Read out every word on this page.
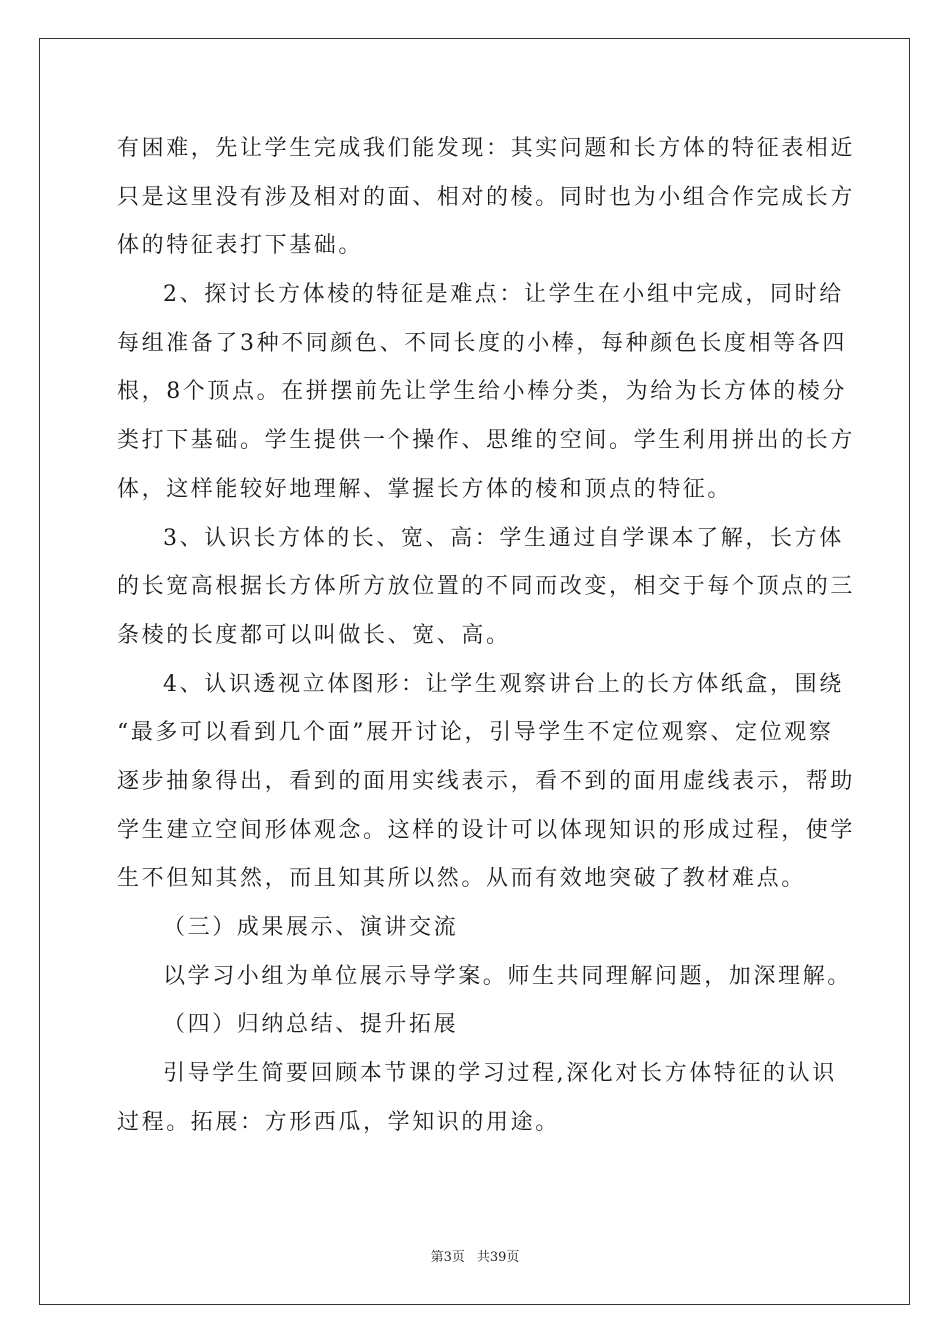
有困难，先让学生完成我们能发现：其实问题和长方体的特征表相近
只是这里没有涉及相对的面、相对的棱。同时也为小组合作完成长方
体的特征表打下基础。
2、探讨长方体棱的特征是难点：让学生在小组中完成，同时给
每组准备了3种不同颜色、不同长度的小棒，每种颜色长度相等各四
根，8个顶点。在拼摆前先让学生给小棒分类，为给为长方体的棱分
类打下基础。学生提供一个操作、思维的空间。学生利用拼出的长方
体，这样能较好地理解、掌握长方体的棱和顶点的特征。
3、认识长方体的长、宽、高：学生通过自学课本了解，长方体
的长宽高根据长方体所方放位置的不同而改变，相交于每个顶点的三
条棱的长度都可以叫做长、宽、高。
4、认识透视立体图形：让学生观察讲台上的长方体纸盒，围绕
“最多可以看到几个面”展开讨论，引导学生不定位观察、定位观察
逐步抽象得出，看到的面用实线表示，看不到的面用虚线表示，帮助
学生建立空间形体观念。这样的设计可以体现知识的形成过程，使学
生不但知其然，而且知其所以然。从而有效地突破了教材难点。
（三）成果展示、演讲交流
以学习小组为单位展示导学案。师生共同理解问题，加深理解。
（四）归纳总结、提升拓展
引导学生简要回顾本节课的学习过程,深化对长方体特征的认识
过程。拓展：方形西瓜，学知识的用途。
第3页 共39页
